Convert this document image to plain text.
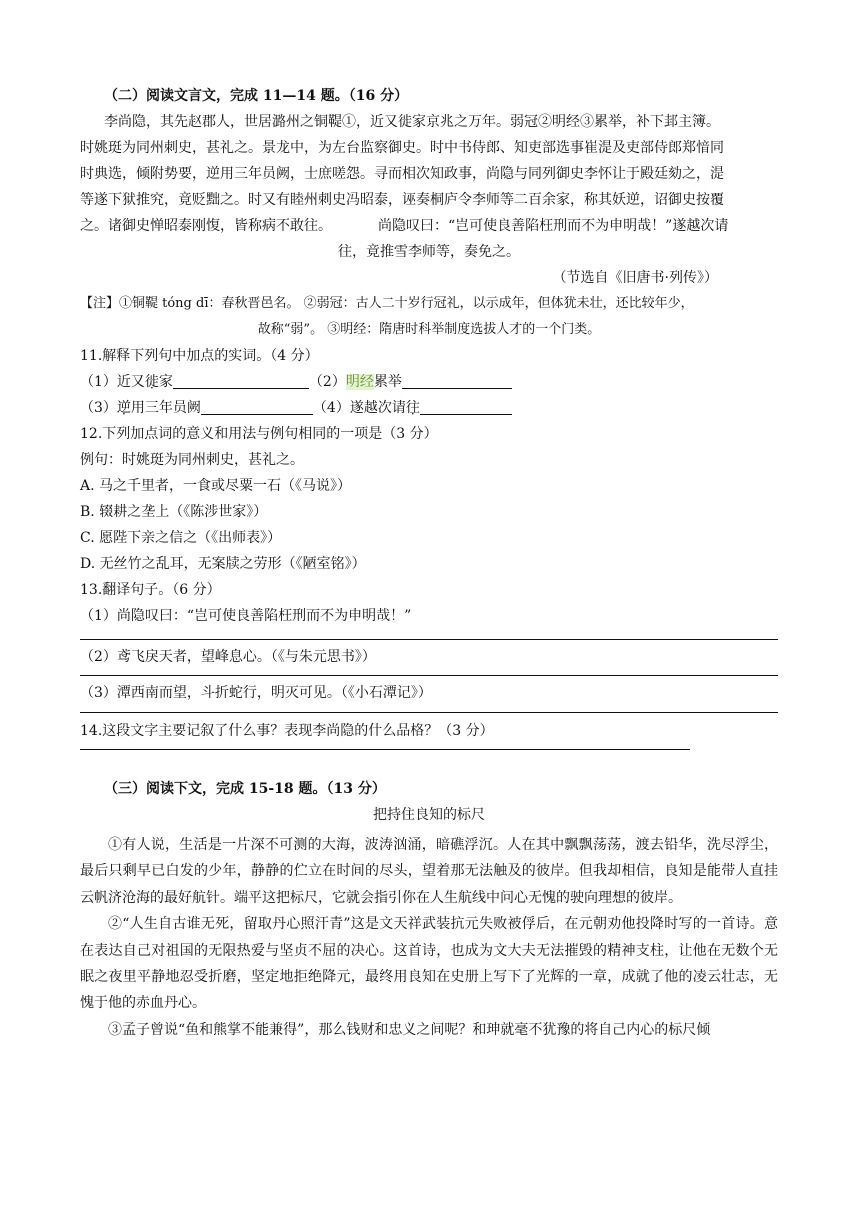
（二）阅读文言文，完成 11—14 题。（16 分）
李尚隐，其先赵郡人，世居潞州之铜鞮①，近又徙家京兆之万年。弱冠②明经③累举，补下邽主簿。
时姚珽为同州刺史，甚礼之。景龙中，为左台监察御史。时中书侍郎、知吏部选事崔湜及吏部侍郎郑愔同
时典选，倾附势要，逆用三年员阙，士庶嗟怨。寻而相次知政事，尚隐与同列御史李怀让于殿廷劾之，湜
等遂下狱推究，竟贬黜之。时又有睦州刺史冯昭泰，诬奏桐庐令李师等二百余家，称其妖逆，诏御史按覆
之。诸御史惮昭泰刚愎，皆称病不敢往。	尚隐叹曰：“岂可使良善陷枉刑而不为申明哉！”遂越次请
往，竟推雪李师等，奏免之。
（节选自《旧唐书·列传》）
【注】①铜鞮 tóng dī：春秋晋邑名。 ②弱冠：古人二十岁行冠礼，以示成年，但体犹未壮，还比较年少，
故称“弱”。 ③明经：隋唐时科举制度选拔人才的一个门类。
11.解释下列句中加点的实词。（4 分）
（1）近又徙家	（2）明经累举
（3）逆用三年员阙	（4）遂越次请往
12.下列加点词的意义和用法与例句相同的一项是（3 分）
例句：时姚珽为同州刺史，甚礼之。
A. 马之千里者，一食或尽粟一石（《马说》）
B. 辍耕之垄上（《陈涉世家》）
C. 愿陛下亲之信之（《出师表》）
D. 无丝竹之乱耳，无案牍之劳形（《陋室铭》）
13.翻译句子。（6 分）
（1）尚隐叹曰：“岂可使良善陷枉刑而不为申明哉！”
（2）鸢飞戾天者，望峰息心。（《与朱元思书》）
（3）潭西南而望，斗折蛇行，明灭可见。（《小石潭记》）
14.这段文字主要记叙了什么事？表现李尚隐的什么品格？（3 分）
（三）阅读下文，完成 15-18 题。（13 分）
把持住良知的标尺
①有人说，生活是一片深不可测的大海，波涛汹涌，暗礁浮沉。人在其中飘飘荡荡，渡去铅华，洗尽浮尘，最后只剩早已白发的少年，静静的伫立在时间的尽头，望着那无法触及的彼岸。但我却相信，良知是能带人直挂云帆济沧海的最好航针。端平这把标尺，它就会指引你在人生航线中问心无愧的驶向理想的彼岸。
②“人生自古谁无死，留取丹心照汗青”这是文天祥武装抗元失败被俘后，在元朝劝他投降时写的一首诗。意在表达自己对祖国的无限热爱与坚贞不屈的决心。这首诗，也成为文大夫无法摧毁的精神支柱，让他在无数个无眠之夜里平静地忍受折磨，坚定地拒绝降元，最终用良知在史册上写下了光辉的一章，成就了他的凌云壮志，无愧于他的赤血丹心。
③孟子曾说“鱼和熊掌不能兼得”，那么钱财和忠义之间呢？和珅就毫不犹豫的将自己内心的标尺倾
